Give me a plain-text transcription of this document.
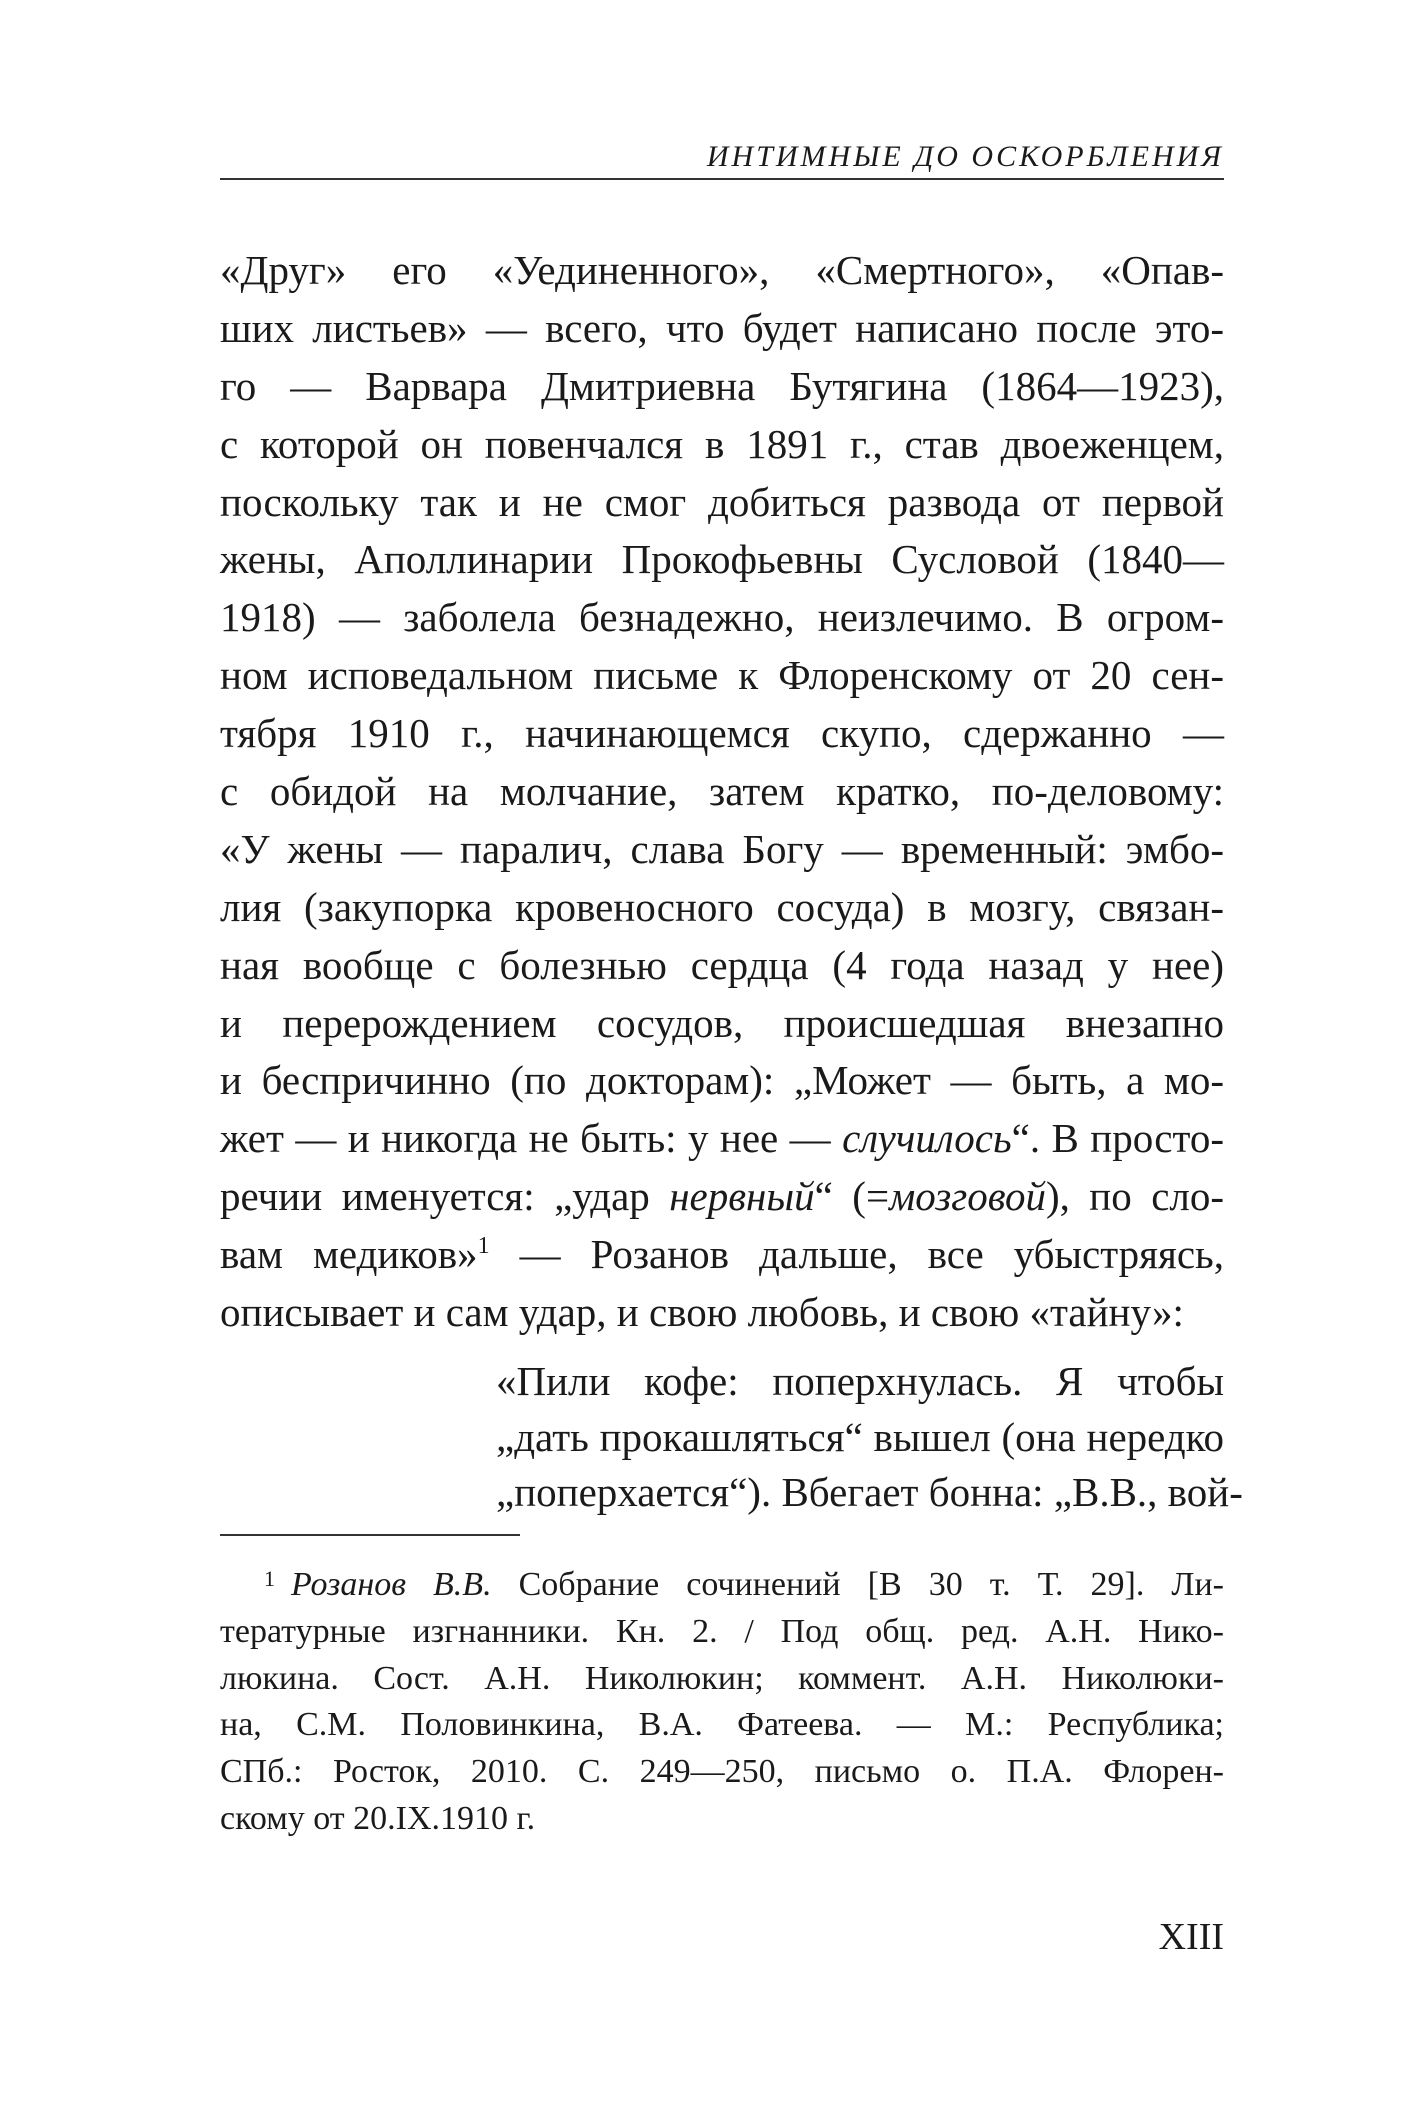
ИНТИМНЫЕ ДО ОСКОРБЛЕНИЯ
«Друг» его «Уединенного», «Смертного», «Опав-
ших листьев» — всего, что будет написано после это-
го — Варвара Дмитриевна Бутягина (1864—1923),
с которой он повенчался в 1891 г., став двоеженцем,
поскольку так и не смог добиться развода от первой
жены, Аполлинарии Прокофьевны Сусловой (1840—
1918) — заболела безнадежно, неизлечимо. В огром-
ном исповедальном письме к Флоренскому от 20 сен-
тября 1910 г., начинающемся скупо, сдержанно —
с обидой на молчание, затем кратко, по-деловому:
«У жены — паралич, слава Богу — временный: эмбо-
лия (закупорка кровеносного сосуда) в мозгу, связан-
ная вообще с болезнью сердца (4 года назад у нее)
и перерождением сосудов, происшедшая внезапно
и беспричинно (по докторам): „Может — быть, а мо-
жет — и никогда не быть: у нее — случилось“. В просто-
речии именуется: „удар нервный“ (=мозговой), по сло-
вам медиков»$^1$ — Розанов дальше, все убыстряясь,
описывает и сам удар, и свою любовь, и свою «тайну»:
«Пили кофе: поперхнулась. Я чтобы
„дать прокашляться“ вышел (она нередко
„поперхается“). Вбегает бонна: „В.В., вой-
$^1$ Розанов В.В. Собрание сочинений [В 30 т. Т. 29]. Ли-
тературные изгнанники. Кн. 2. / Под общ. ред. А.Н. Нико-
люкина. Сост. А.Н. Николюкин; коммент. А.Н. Николюки-
на, С.М. Половинкина, В.А. Фатеева. — М.: Республика;
СПб.: Росток, 2010. С. 249—250, письмо о. П.А. Флорен-
скому от 20.IX.1910 г.
XIII
